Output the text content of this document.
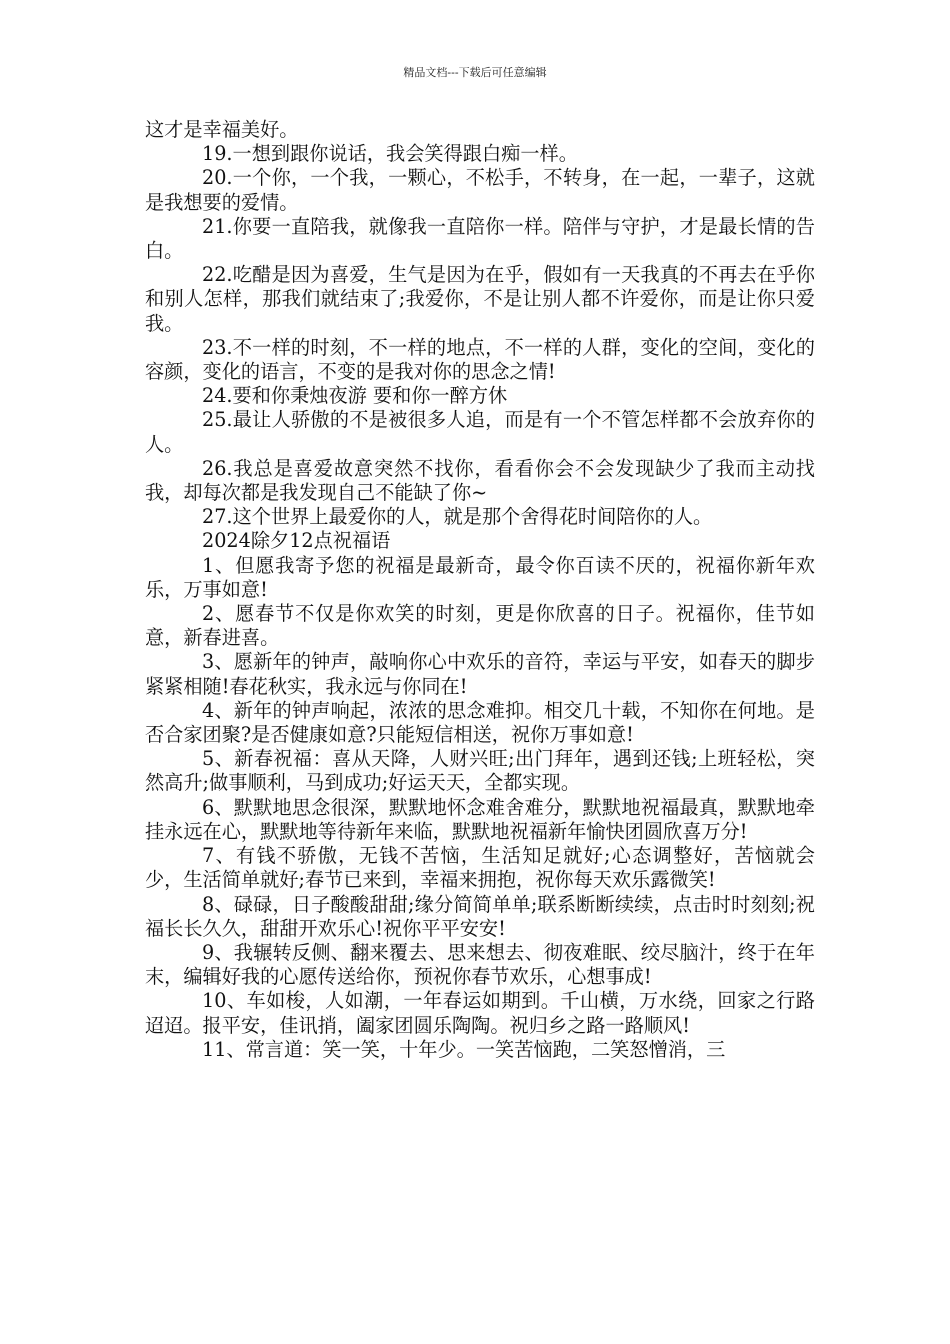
精品文档---下载后可任意编辑

这才是幸福美好。

19.一想到跟你说话，我会笑得跟白痴一样。

20.一个你，一个我，一颗心，不松手，不转身，在一起，一辈子，这就是我想要的爱情。

21.你要一直陪我，就像我一直陪你一样。陪伴与守护，才是最长情的告白。

22.吃醋是因为喜爱，生气是因为在乎，假如有一天我真的不再去在乎你和别人怎样，那我们就结束了;我爱你，不是让别人都不许爱你，而是让你只爱我。

23.不一样的时刻，不一样的地点，不一样的人群，变化的空间，变化的容颜，变化的语言，不变的是我对你的思念之情!

24.要和你秉烛夜游 要和你一醉方休

25.最让人骄傲的不是被很多人追，而是有一个不管怎样都不会放弃你的人。

26.我总是喜爱故意突然不找你，看看你会不会发现缺少了我而主动找我，却每次都是我发现自己不能缺了你~

27.这个世界上最爱你的人，就是那个舍得花时间陪你的人。

2024除夕12点祝福语

1、但愿我寄予您的祝福是最新奇，最令你百读不厌的，祝福你新年欢乐，万事如意!

2、愿春节不仅是你欢笑的时刻，更是你欣喜的日子。祝福你，佳节如意，新春进喜。

3、愿新年的钟声，敲响你心中欢乐的音符，幸运与平安，如春天的脚步紧紧相随!春花秋实，我永远与你同在!

4、新年的钟声响起，浓浓的思念难抑。相交几十载，不知你在何地。是否合家团聚?是否健康如意?只能短信相送，祝你万事如意!

5、新春祝福：喜从天降，人财兴旺;出门拜年，遇到还钱;上班轻松，突然高升;做事顺利，马到成功;好运天天，全都实现。

6、默默地思念很深，默默地怀念难舍难分，默默地祝福最真，默默地牵挂永远在心，默默地等待新年来临，默默地祝福新年愉快团圆欣喜万分!

7、有钱不骄傲，无钱不苦恼，生活知足就好;心态调整好，苦恼就会少，生活简单就好;春节已来到，幸福来拥抱，祝你每天欢乐露微笑!

8、碌碌，日子酸酸甜甜;缘分简简单单;联系断断续续，点击时时刻刻;祝福长长久久，甜甜开欢乐心!祝你平平安安!

9、我辗转反侧、翻来覆去、思来想去、彻夜难眠、绞尽脑汁，终于在年末，编辑好我的心愿传送给你，预祝你春节欢乐，心想事成!

10、车如梭，人如潮，一年春运如期到。千山横，万水绕，回家之行路迢迢。报平安，佳讯捎，阖家团圆乐陶陶。祝归乡之路一路顺风!

11、常言道：笑一笑，十年少。一笑苦恼跑，二笑怒憎消，三
